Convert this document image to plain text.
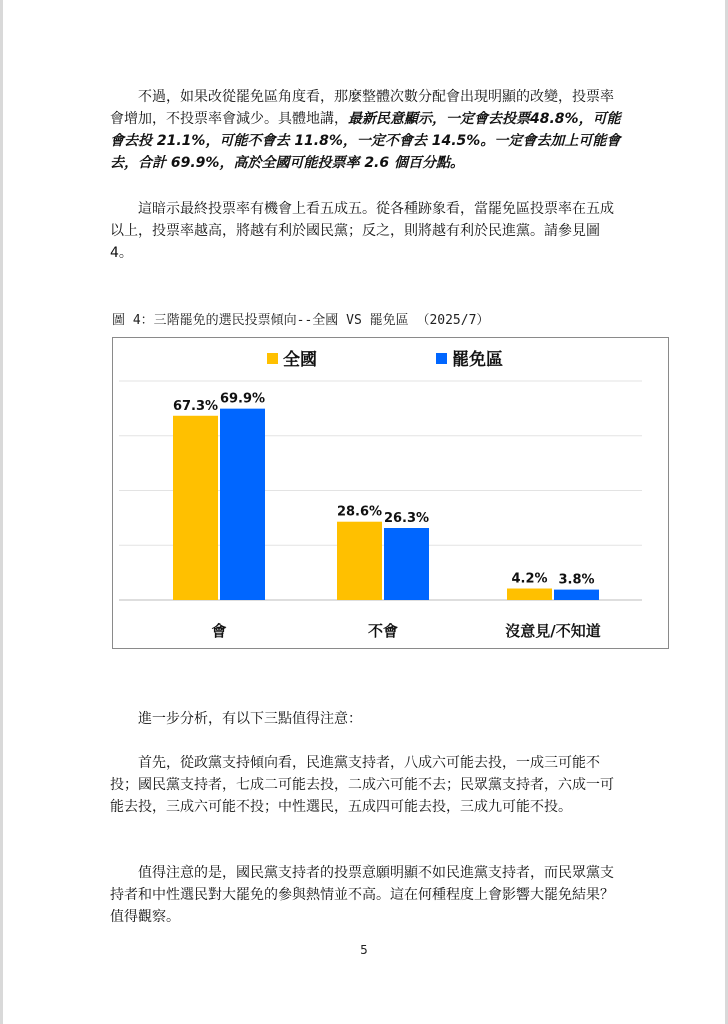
不過，如果改從罷免區角度看，那麼整體次數分配會出現明顯的改變，投票率會增加，不投票率會減少。具體地講，最新民意顯示，一定會去投票48.8%，可能會去投 21.1%，可能不會去 11.8%，一定不會去 14.5%。一定會去加上可能會去，合計 69.9%，高於全國可能投票率 2.6 個百分點。

這暗示最終投票率有機會上看五成五。從各種跡象看，當罷免區投票率在五成以上，投票率越高，將越有利於國民黨；反之，則將越有利於民進黨。請參見圖 4。

圖 4：三階罷免的選民投票傾向--全國 VS 罷免區 （2025/7）
全國	罷免區
67.3% 69.9%
會
28.6% 26.3%
不會
4.2% 3.8%
沒意見/不知道

進一步分析，有以下三點值得注意：

首先，從政黨支持傾向看，民進黨支持者，八成六可能去投，一成三可能不投；國民黨支持者，七成二可能去投，二成六可能不去；民眾黨支持者，六成一可能去投，三成六可能不投；中性選民，五成四可能去投，三成九可能不投。

值得注意的是，國民黨支持者的投票意願明顯不如民進黨支持者，而民眾黨支持者和中性選民對大罷免的參與熱情並不高。這在何種程度上會影響大罷免結果？值得觀察。

5
